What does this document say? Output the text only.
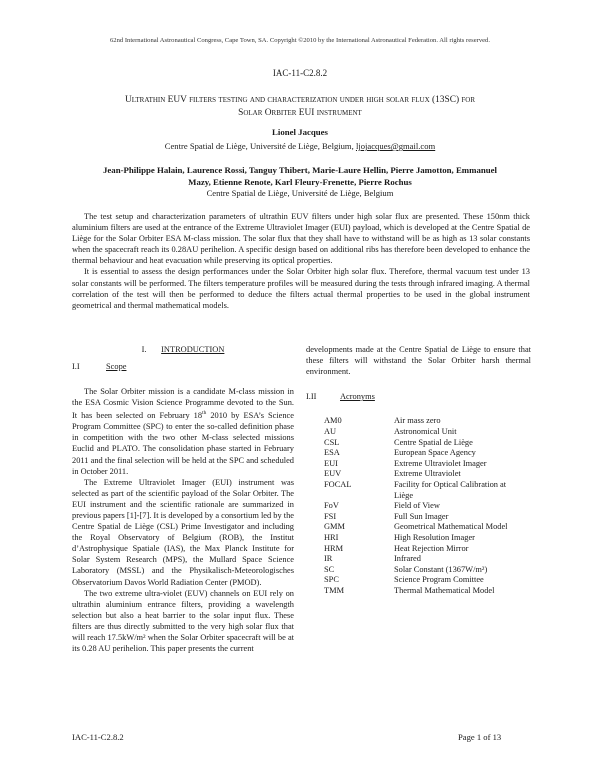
62nd International Astronautical Congress, Cape Town, SA. Copyright ©2010 by the International Astronautical Federation. All rights reserved.
IAC-11-C2.8.2
Ultrathin EUV filters testing and characterization under high solar flux (13SC) for
Solar Orbiter EUI instrument
Lionel Jacques
Centre Spatial de Liège, Université de Liège, Belgium, ljojacques@gmail.com
Jean-Philippe Halain, Laurence Rossi, Tanguy Thibert, Marie-Laure Hellin, Pierre Jamotton, Emmanuel Mazy, Etienne Renote, Karl Fleury-Frenette, Pierre Rochus
Centre Spatial de Liège, Université de Liège, Belgium

The test setup and characterization parameters of ultrathin EUV filters under high solar flux are presented. These 150nm thick aluminium filters are used at the entrance of the Extreme Ultraviolet Imager (EUI) payload, which is developed at the Centre Spatial de Liège for the Solar Orbiter ESA M-class mission. The solar flux that they shall have to withstand will be as high as 13 solar constants when the spacecraft reach its 0.28AU perihelion. A specific design based on additional ribs has therefore been developed to enhance the thermal behaviour and heat evacuation while preserving its optical properties.

It is essential to assess the design performances under the Solar Orbiter high solar flux. Therefore, thermal vacuum test under 13 solar constants will be performed. The filters temperature profiles will be measured during the tests through infrared imaging. A thermal correlation of the test will then be performed to deduce the filters actual thermal properties to be used in the global instrument geometrical and thermal mathematical models.

I. INTRODUCTION
I.I	Scope

The Solar Orbiter mission is a candidate M-class mission in the ESA Cosmic Vision Science Programme devoted to the Sun. It has been selected on February 18th 2010 by ESA’s Science Program Committee (SPC) to enter the so-called definition phase in competition with the two other M-class selected missions Euclid and PLATO. The consolidation phase started in February 2011 and the final selection will be held at the SPC and scheduled in October 2011.

The Extreme Ultraviolet Imager (EUI) instrument was selected as part of the scientific payload of the Solar Orbiter. The EUI instrument and the scientific rationale are summarized in previous papers [1]-[7]. It is developed by a consortium led by the Centre Spatial de Liège (CSL) Prime Investigator and including the Royal Observatory of Belgium (ROB), the Institut d’Astrophysique Spatiale (IAS), the Max Planck Institute for Solar System Research (MPS), the Mullard Space Science Laboratory (MSSL) and the Physikalisch-Meteorologisches Observatorium Davos World Radiation Center (PMOD).

The two extreme ultra-violet (EUV) channels on EUI rely on ultrathin aluminium entrance filters, providing a wavelength selection but also a heat barrier to the solar input flux. These filters are thus directly submitted to the very high solar flux that will reach 17.5kW/m² when the Solar Orbiter spacecraft will be at its 0.28 AU perihelion. This paper presents the current

developments made at the Centre Spatial de Liège to ensure that these filters will withstand the Solar Orbiter harsh thermal environment.

I.II	Acronyms
AM0	Air mass zero
AU	Astronomical Unit
CSL	Centre Spatial de Liège
ESA	European Space Agency
EUI	Extreme Ultraviolet Imager
EUV	Extreme Ultraviolet
FOCAL	Facility for Optical Calibration at Liège
FoV	Field of View
FSI	Full Sun Imager
GMM	Geometrical Mathematical Model
HRI	High Resolution Imager
HRM	Heat Rejection Mirror
IR	Infrared
SC	Solar Constant (1367W/m²)
SPC	Science Program Comittee
TMM	Thermal Mathematical Model
IAC-11-C2.8.2	Page 1 of 13
